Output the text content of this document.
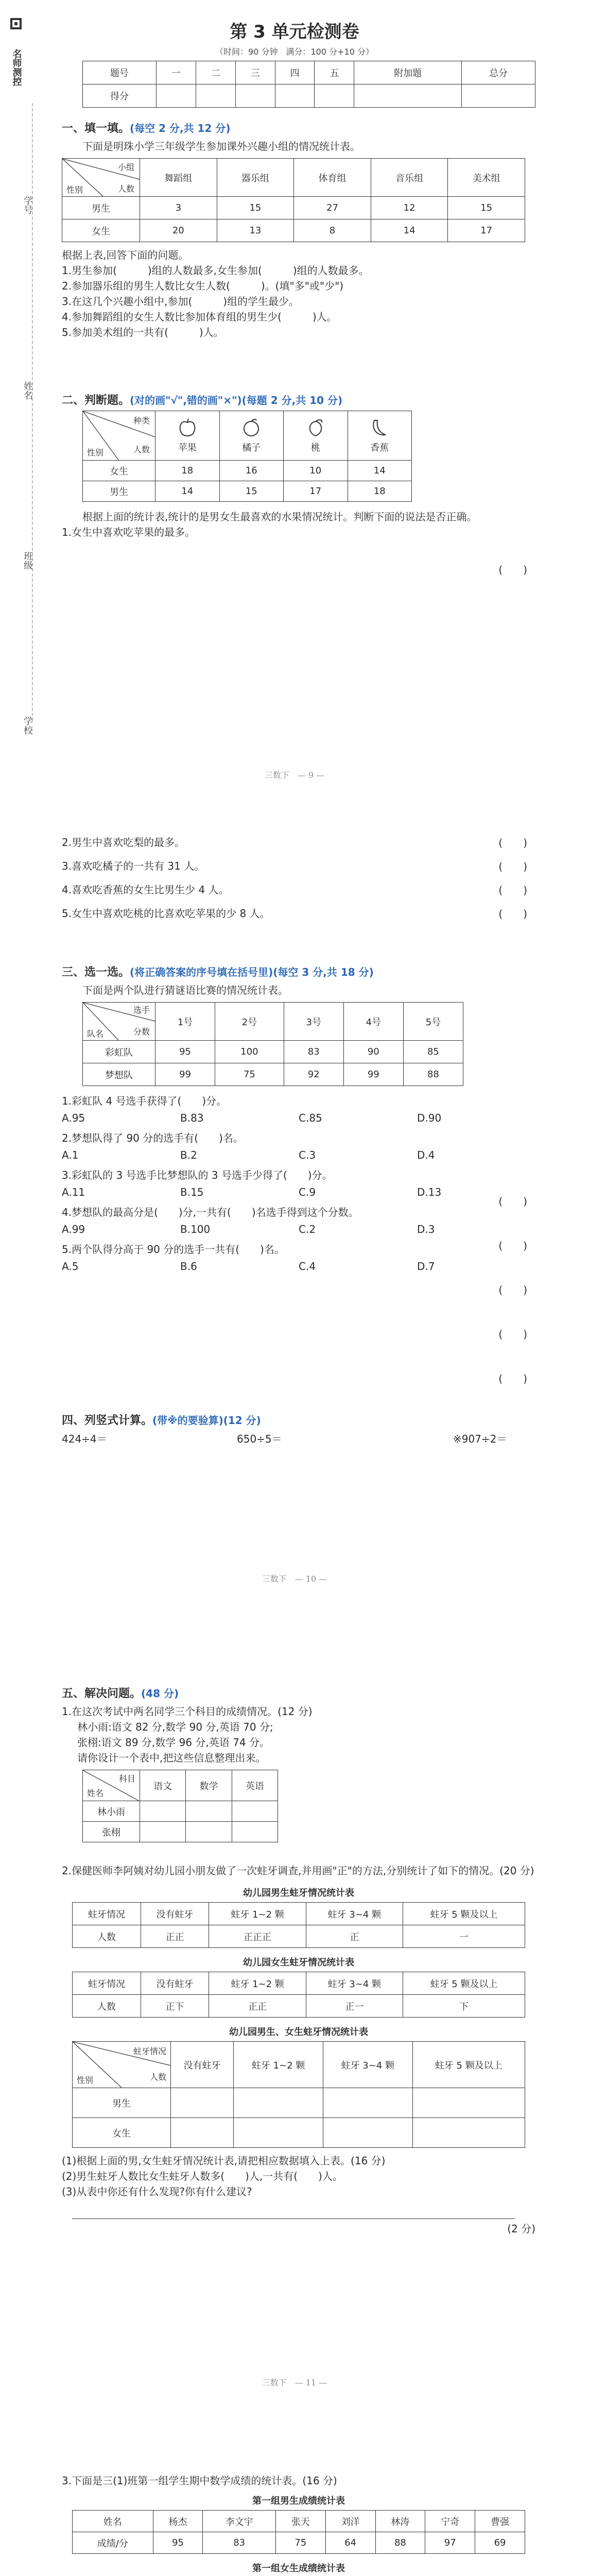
名师测控
学号
姓名
班级
学校
第 3 单元检测卷
（时间：90 分钟　满分：100 分+10 分）
题号	一	二	三	四	五	附加题	总分
得分							

一、填一填。(每空 2 分,共 12 分)

下面是明珠小学三年级学生参加课外兴趣小组的情况统计表。

小组
人数
性别	舞蹈组	器乐组	体育组	音乐组	美术组
男生	3	15	27	12	15
女生	20	13	8	14	17

根据上表,回答下面的问题。

1.男生参加(　　　)组的人数最多,女生参加(　　　)组的人数最多。

2.参加器乐组的男生人数比女生人数(　　　)。(填"多"或"少")

3.在这几个兴趣小组中,参加(　　　)组的学生最少。

4.参加舞蹈组的女生人数比参加体育组的男生少(　　　)人。

5.参加美术组的一共有(　　　)人。

二、判断题。(对的画"√",错的画"×")(每题 2 分,共 10 分)

种类
人数
性别	苹果	橘子	桃	香蕉
女生	18	16	10	14
男生	14	15	17	18

根据上面的统计表,统计的是男女生最喜欢的水果情况统计。判断下面的说法是否正确。

1.女生中喜欢吃苹果的最多。

(　　)
三数下　— 9 —

2.男生中喜欢吃梨的最多。

3.喜欢吃橘子的一共有 31 人。

4.喜欢吃香蕉的女生比男生少 4 人。

5.女生中喜欢吃桃的比喜欢吃苹果的少 8 人。

(　　)
(　　)
(　　)
(　　)

三、选一选。(将正确答案的序号填在括号里)(每空 3 分,共 18 分)

下面是两个队进行猜谜语比赛的情况统计表。

选手
分数
队名	1号	2号	3号	4号	5号
彩虹队	95	100	83	90	85
梦想队	99	75	92	99	88

1.彩虹队 4 号选手获得了(　　)分。

A.95	B.83	C.85	D.90

2.梦想队得了 90 分的选手有(　　)名。

A.1	B.2	C.3	D.4

3.彩虹队的 3 号选手比梦想队的 3 号选手少得了(　　)分。

A.11	B.15	C.9	D.13

4.梦想队的最高分是(　　)分,一共有(　　)名选手得到这个分数。

A.99	B.100	C.2	D.3

5.两个队得分高于 90 分的选手一共有(　　)名。

A.5	B.6	C.4	D.7
(　　)
(　　)
(　　)
(　　)
(　　)

四、列竖式计算。(带※的要验算)(12 分)

424÷4＝	650÷5＝	※907÷2＝
三数下　— 10 —

五、解决问题。(48 分)

1.在这次考试中两名同学三个科目的成绩情况。(12 分)

林小雨:语文 82 分,数学 90 分,英语 70 分;

张栩:语文 89 分,数学 96 分,英语 74 分。

请你设计一个表中,把这些信息整理出来。

科目
姓名	语文	数学	英语
林小雨			
张栩			

2.保健医师李阿姨对幼儿园小朋友做了一次蛀牙调查,并用画"正"的方法,分别统计了如下的情况。(20 分)

幼儿园男生蛀牙情况统计表

蛀牙情况	没有蛀牙	蛀牙 1~2 颗	蛀牙 3~4 颗	蛀牙 5 颗及以上
人数	正正	正正正	正	一

幼儿园女生蛀牙情况统计表

蛀牙情况	没有蛀牙	蛀牙 1~2 颗	蛀牙 3~4 颗	蛀牙 5 颗及以上
人数	正下	正正	正一	下

幼儿园男生、女生蛀牙情况统计表

蛀牙情况
人数
性别	没有蛀牙	蛀牙 1~2 颗	蛀牙 3~4 颗	蛀牙 5 颗及以上
男生				
女生				

(1)根据上面的男,女生蛀牙情况统计表,请把相应数据填入上表。(16 分)

(2)男生蛀牙人数比女生蛀牙人数多(　　)人,一共有(　　)人。

(3)从表中你还有什么发现?你有什么建议?

(2 分)

三数下　— 11 —

3.下面是三(1)班第一组学生期中数学成绩的统计表。(16 分)

第一组男生成绩统计表

姓名	杨杰	李文宇	张天	刘洋	林涛	宁奇	曹强
成绩/分	95	83	75	64	88	97	69

第一组女生成绩统计表
